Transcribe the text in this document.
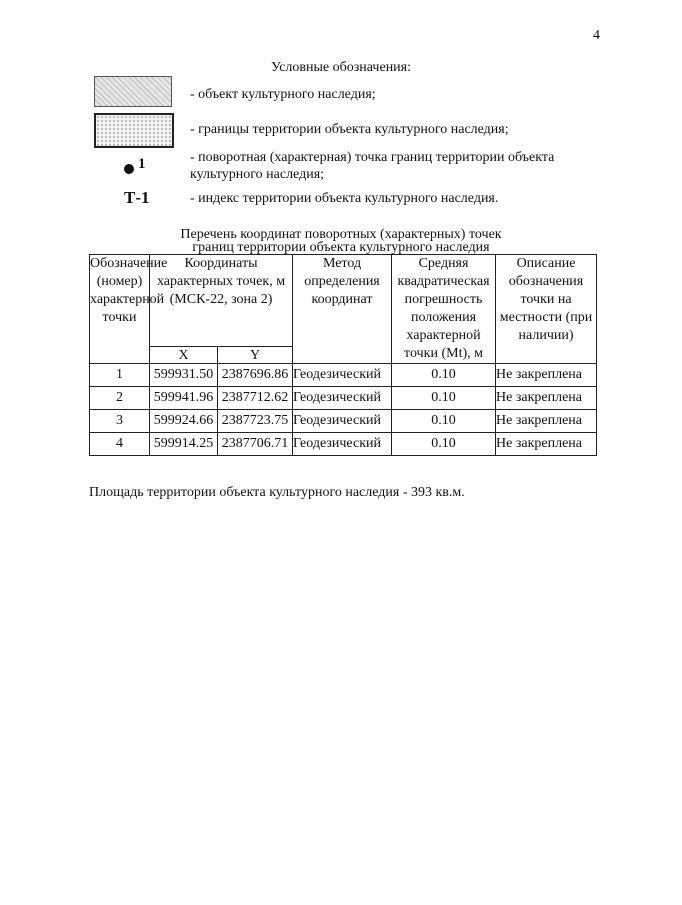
4
Условные обозначения:
- объект культурного наследия;
- границы территории объекта культурного наследия;
1	- поворотная (характерная) точка границ территории объекта культурного наследия;
Т-1	- индекс территории объекта культурного наследия.
Перечень координат поворотных (характерных) точек
границ территории объекта культурного наследия
Обозначение (номер) характерной точки	Координаты характерных точек, м (МСК-22, зона 2)		Метод определения координат	Средняя квадратическая погрешность положения характерной точки (Mt), м	Описание обозначения точки на местности (при наличии)
	X	Y			
1	599931.50	2387696.86	Геодезический	0.10	Не закреплена
2	599941.96	2387712.62	Геодезический	0.10	Не закреплена
3	599924.66	2387723.75	Геодезический	0.10	Не закреплена
4	599914.25	2387706.71	Геодезический	0.10	Не закреплена
Площадь территории объекта культурного наследия - 393 кв.м.
